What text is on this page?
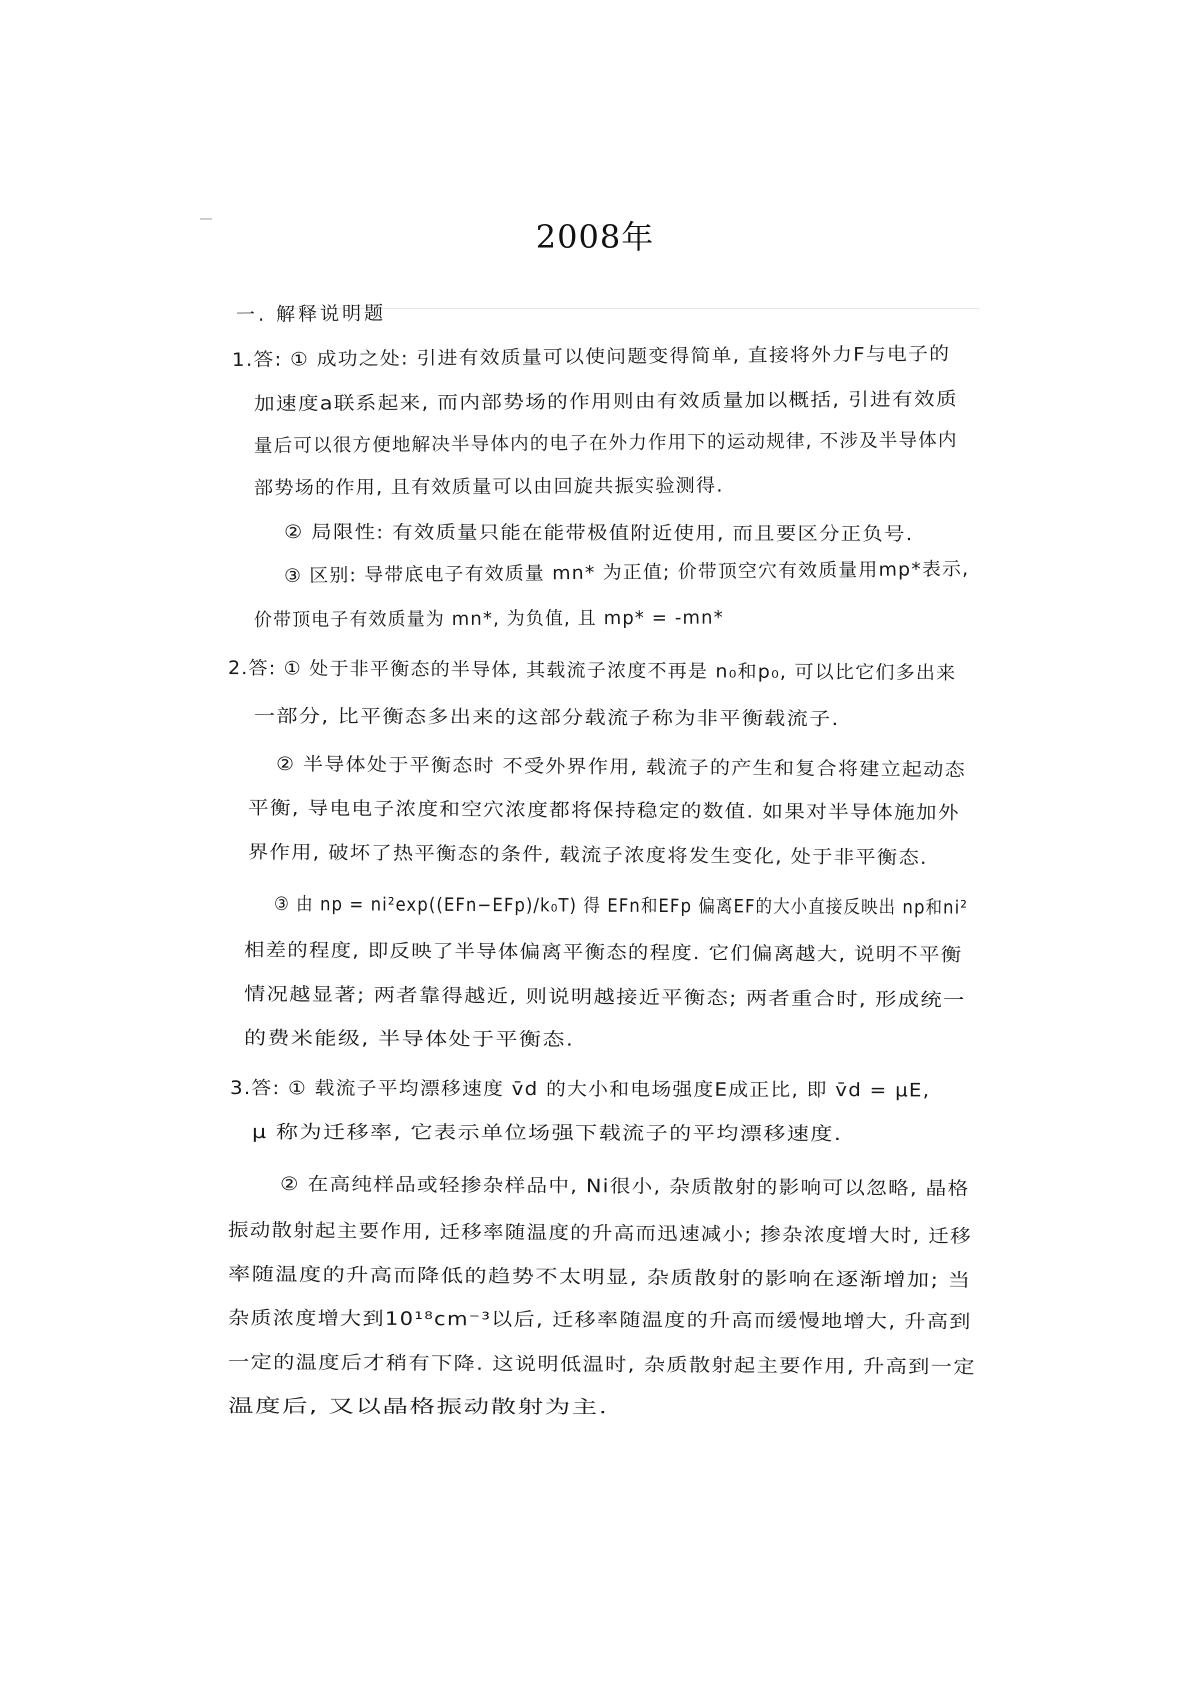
2008年
一. 解释说明题
1.答: ① 成功之处: 引进有效质量可以使问题变得简单, 直接将外力F与电子的
加速度a联系起来, 而内部势场的作用则由有效质量加以概括, 引进有效质
量后可以很方便地解决半导体内的电子在外力作用下的运动规律, 不涉及半导体内
部势场的作用, 且有效质量可以由回旋共振实验测得.
② 局限性: 有效质量只能在能带极值附近使用, 而且要区分正负号.
③ 区别: 导带底电子有效质量 mn* 为正值; 价带顶空穴有效质量用mp*表示,
价带顶电子有效质量为 mn*, 为负值, 且 mp* = -mn*
2.答: ① 处于非平衡态的半导体, 其载流子浓度不再是 n₀和p₀, 可以比它们多出来
一部分, 比平衡态多出来的这部分载流子称为非平衡载流子.
② 半导体处于平衡态时 不受外界作用, 载流子的产生和复合将建立起动态
平衡, 导电电子浓度和空穴浓度都将保持稳定的数值. 如果对半导体施加外
界作用, 破坏了热平衡态的条件, 载流子浓度将发生变化, 处于非平衡态.
③ 由 np = ni²exp((EFn−EFp)/k₀T) 得 EFn和EFp 偏离EF的大小直接反映出 np和ni²
相差的程度, 即反映了半导体偏离平衡态的程度. 它们偏离越大, 说明不平衡
情况越显著; 两者靠得越近, 则说明越接近平衡态; 两者重合时, 形成统一
的费米能级, 半导体处于平衡态.
3.答: ① 载流子平均漂移速度 v̄d 的大小和电场强度E成正比, 即 v̄d = μE,
μ 称为迁移率, 它表示单位场强下载流子的平均漂移速度.
② 在高纯样品或轻掺杂样品中, Ni很小, 杂质散射的影响可以忽略, 晶格
振动散射起主要作用, 迁移率随温度的升高而迅速减小; 掺杂浓度增大时, 迁移
率随温度的升高而降低的趋势不太明显, 杂质散射的影响在逐渐增加; 当
杂质浓度增大到10¹⁸cm⁻³以后, 迁移率随温度的升高而缓慢地增大, 升高到
一定的温度后才稍有下降. 这说明低温时, 杂质散射起主要作用, 升高到一定
温度后, 又以晶格振动散射为主.
